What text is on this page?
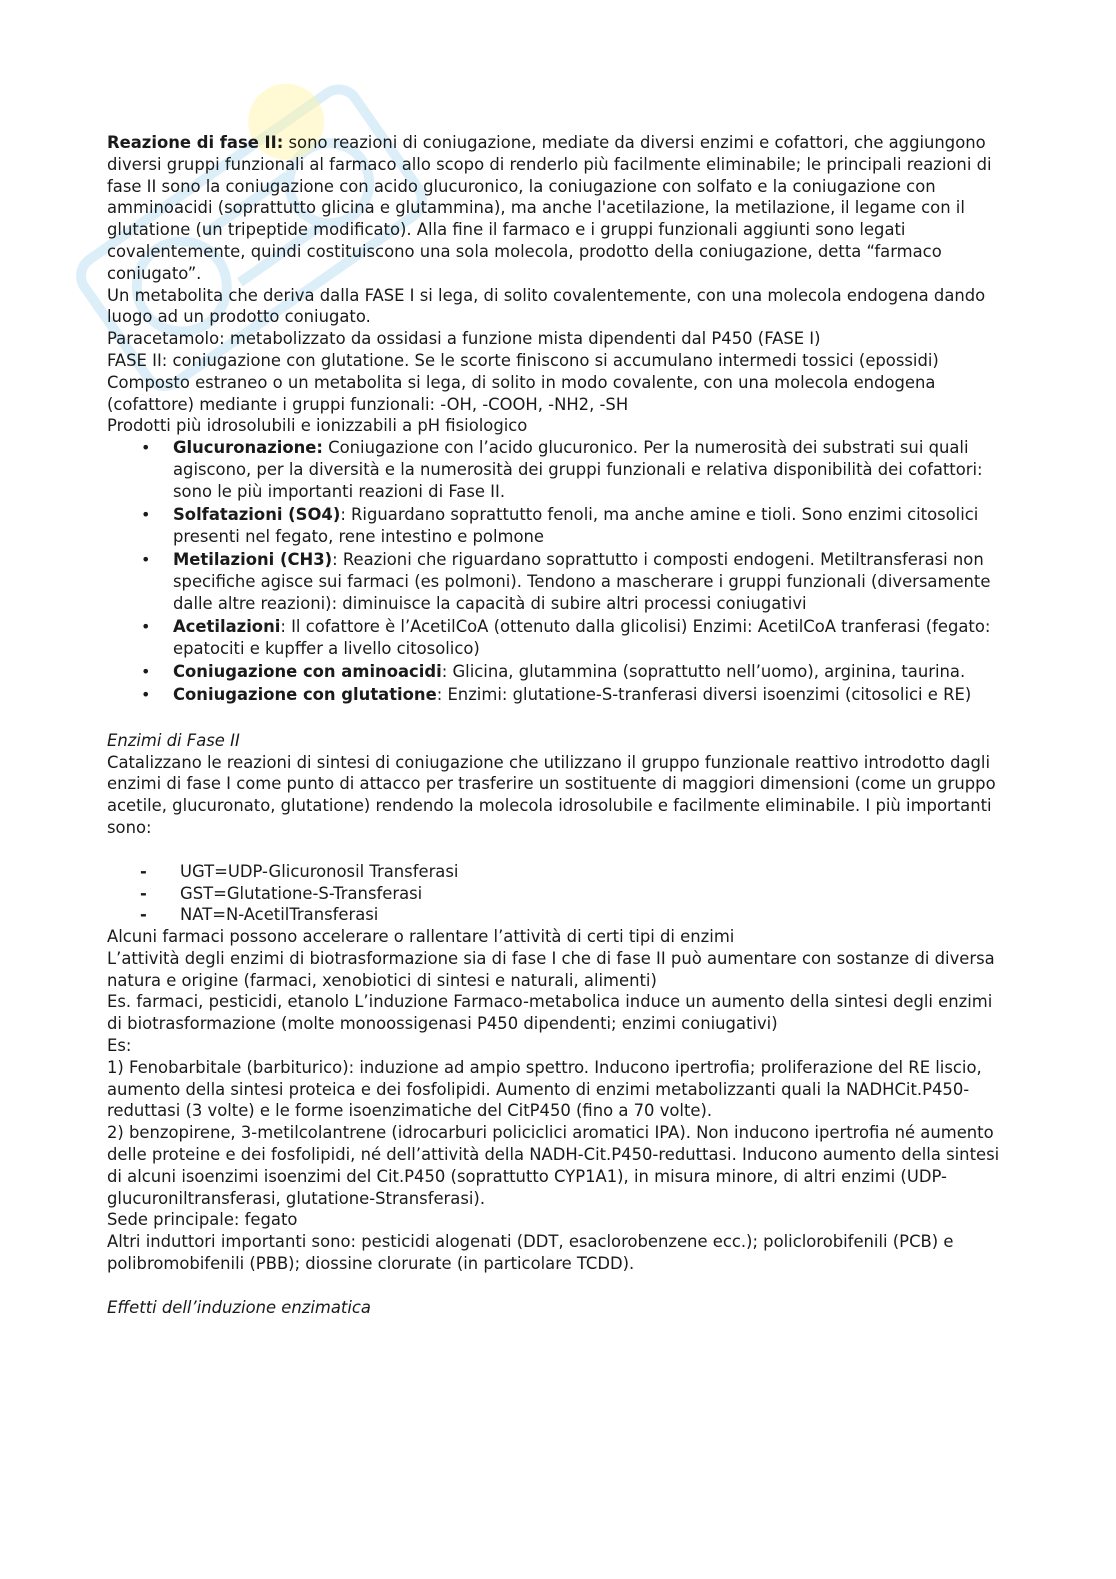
Reazione di fase II: sono reazioni di coniugazione, mediate da diversi enzimi e cofattori, che aggiungono diversi gruppi funzionali al farmaco allo scopo di renderlo più facilmente eliminabile; le principali reazioni di fase II sono la coniugazione con acido glucuronico, la coniugazione con solfato e la coniugazione con amminoacidi (soprattutto glicina e glutammina), ma anche l'acetilazione, la metilazione, il legame con il glutatione (un tripeptide modificato). Alla fine il farmaco e i gruppi funzionali aggiunti sono legati covalentemente, quindi costituiscono una sola molecola, prodotto della coniugazione, detta “farmaco coniugato”.

Un metabolita che deriva dalla FASE I si lega, di solito covalentemente, con una molecola endogena dando luogo ad un prodotto coniugato.

Paracetamolo: metabolizzato da ossidasi a funzione mista dipendenti dal P450 (FASE I)

FASE II: coniugazione con glutatione. Se le scorte finiscono si accumulano intermedi tossici (epossidi)

Composto estraneo o un metabolita si lega, di solito in modo covalente, con una molecola endogena (cofattore) mediante i gruppi funzionali: -OH, -COOH, -NH2, -SH

Prodotti più idrosolubili e ionizzabili a pH fisiologico

• Glucuronazione: Coniugazione con l’acido glucuronico. Per la numerosità dei substrati sui quali agiscono, per la diversità e la numerosità dei gruppi funzionali e relativa disponibilità dei cofattori: sono le più importanti reazioni di Fase II.
• Solfatazioni (SO4): Riguardano soprattutto fenoli, ma anche amine e tioli. Sono enzimi citosolici presenti nel fegato, rene intestino e polmone
• Metilazioni (CH3): Reazioni che riguardano soprattutto i composti endogeni. Metiltransferasi non specifiche agisce sui farmaci (es polmoni). Tendono a mascherare i gruppi funzionali (diversamente dalle altre reazioni): diminuisce la capacità di subire altri processi coniugativi
• Acetilazioni: Il cofattore è l’AcetilCoA (ottenuto dalla glicolisi) Enzimi: AcetilCoA tranferasi (fegato: epatociti e kupffer a livello citosolico)
• Coniugazione con aminoacidi: Glicina, glutammina (soprattutto nell’uomo), arginina, taurina.
• Coniugazione con glutatione: Enzimi: glutatione-S-tranferasi diversi isoenzimi (citosolici e RE)

Enzimi di Fase II

Catalizzano le reazioni di sintesi di coniugazione che utilizzano il gruppo funzionale reattivo introdotto dagli enzimi di fase I come punto di attacco per trasferire un sostituente di maggiori dimensioni (come un gruppo acetile, glucuronato, glutatione) rendendo la molecola idrosolubile e facilmente eliminabile. I più importanti sono:

- UGT=UDP-Glicuronosil Transferasi
- GST=Glutatione-S-Transferasi
- NAT=N-AcetilTransferasi

Alcuni farmaci possono accelerare o rallentare l’attività di certi tipi di enzimi

L’attività degli enzimi di biotrasformazione sia di fase I che di fase II può aumentare con sostanze di diversa natura e origine (farmaci, xenobiotici di sintesi e naturali, alimenti)

Es. farmaci, pesticidi, etanolo L’induzione Farmaco-metabolica induce un aumento della sintesi degli enzimi di biotrasformazione (molte monoossigenasi P450 dipendenti; enzimi coniugativi)

Es:

1) Fenobarbitale (barbiturico): induzione ad ampio spettro. Inducono ipertrofia; proliferazione del RE liscio, aumento della sintesi proteica e dei fosfolipidi. Aumento di enzimi metabolizzanti quali la NADHCit.P450-reduttasi (3 volte) e le forme isoenzimatiche del CitP450 (fino a 70 volte).

2) benzopirene, 3-metilcolantrene (idrocarburi policiclici aromatici IPA). Non inducono ipertrofia né aumento delle proteine e dei fosfolipidi, né dell’attività della NADH-Cit.P450-reduttasi. Inducono aumento della sintesi di alcuni isoenzimi isoenzimi del Cit.P450 (soprattutto CYP1A1), in misura minore, di altri enzimi (UDP-glucuroniltransferasi, glutatione-Stransferasi).

Sede principale: fegato

Altri induttori importanti sono: pesticidi alogenati (DDT, esaclorobenzene ecc.); policlorobifenili (PCB) e polibromobifenili (PBB); diossine clorurate (in particolare TCDD).

Effetti dell’induzione enzimatica
